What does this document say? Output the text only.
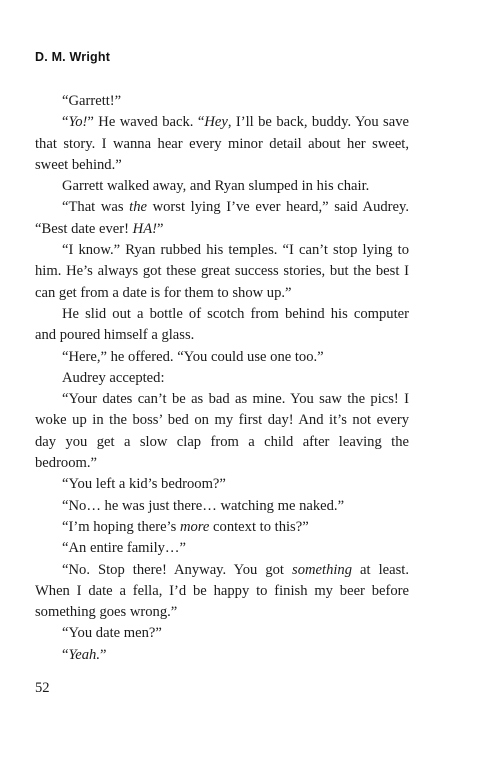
D. M. Wright

“Garrett!”

“Yo!” He waved back. “Hey, I’ll be back, buddy. You save that story. I wanna hear every minor detail about her sweet, sweet behind.”

Garrett walked away, and Ryan slumped in his chair.

“That was the worst lying I’ve ever heard,” said Audrey. “Best date ever! HA!”

“I know.” Ryan rubbed his temples. “I can’t stop lying to him. He’s always got these great success stories, but the best I can get from a date is for them to show up.”

He slid out a bottle of scotch from behind his computer and poured himself a glass.

“Here,” he offered. “You could use one too.”

Audrey accepted:

“Your dates can’t be as bad as mine. You saw the pics! I woke up in the boss’ bed on my first day! And it’s not every day you get a slow clap from a child after leaving the bedroom.”

“You left a kid’s bedroom?”

“No… he was just there… watching me naked.”

“I’m hoping there’s more context to this?”

“An entire family…”

“No. Stop there! Anyway. You got something at least. When I date a fella, I’d be happy to finish my beer before something goes wrong.”

“You date men?”

“Yeah.”

52
